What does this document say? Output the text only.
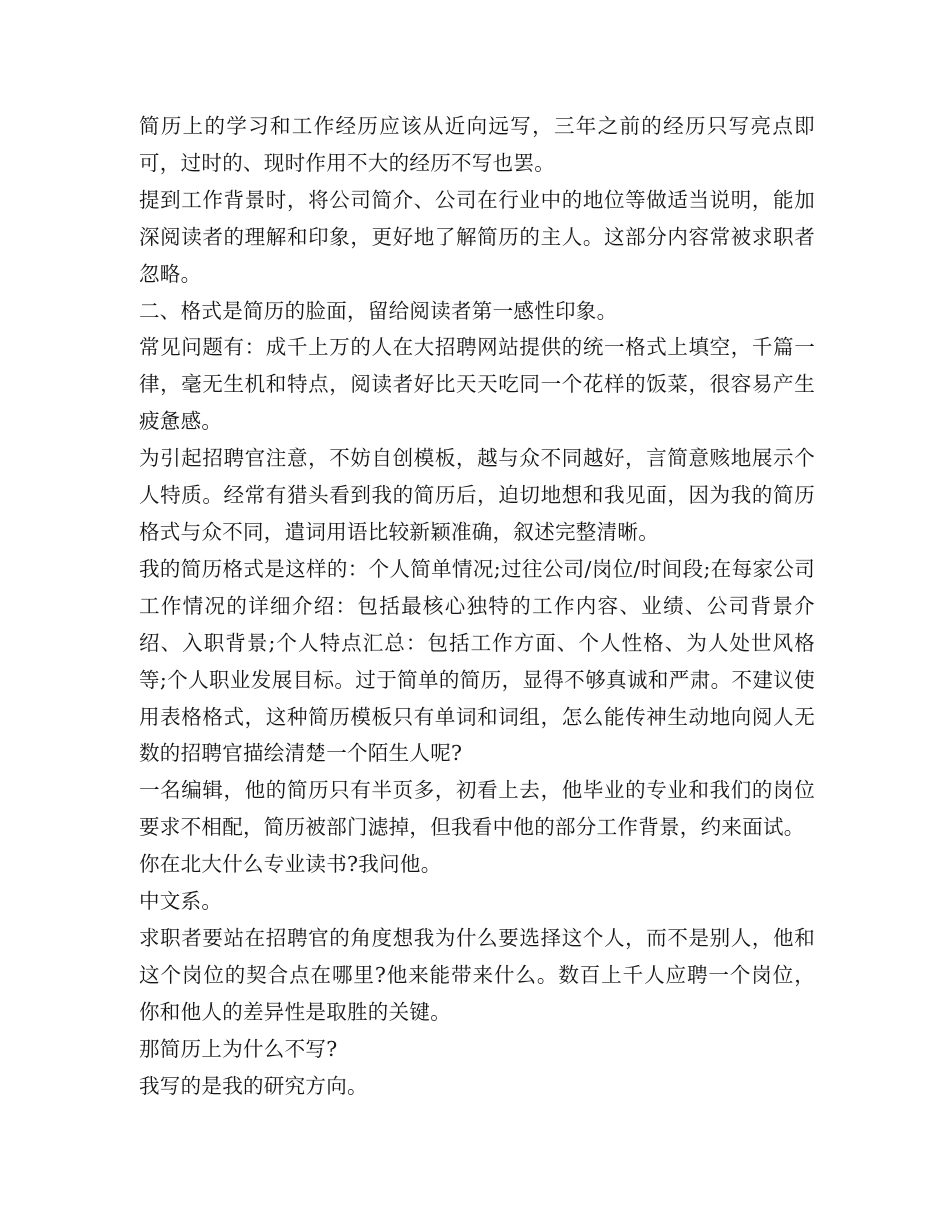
简历上的学习和工作经历应该从近向远写，三年之前的经历只写亮点即可，过时的、现时作用不大的经历不写也罢。

提到工作背景时，将公司简介、公司在行业中的地位等做适当说明，能加深阅读者的理解和印象，更好地了解简历的主人。这部分内容常被求职者忽略。

二、格式是简历的脸面，留给阅读者第一感性印象。

常见问题有：成千上万的人在大招聘网站提供的统一格式上填空，千篇一律，毫无生机和特点，阅读者好比天天吃同一个花样的饭菜，很容易产生疲惫感。

为引起招聘官注意，不妨自创模板，越与众不同越好，言简意赅地展示个人特质。经常有猎头看到我的简历后，迫切地想和我见面，因为我的简历格式与众不同，遣词用语比较新颖准确，叙述完整清晰。

我的简历格式是这样的：个人简单情况;过往公司/岗位/时间段;在每家公司工作情况的详细介绍：包括最核心独特的工作内容、业绩、公司背景介绍、入职背景;个人特点汇总：包括工作方面、个人性格、为人处世风格等;个人职业发展目标。过于简单的简历，显得不够真诚和严肃。不建议使用表格格式，这种简历模板只有单词和词组，怎么能传神生动地向阅人无数的招聘官描绘清楚一个陌生人呢?

一名编辑，他的简历只有半页多，初看上去，他毕业的专业和我们的岗位要求不相配，简历被部门滤掉，但我看中他的部分工作背景，约来面试。

你在北大什么专业读书?我问他。

中文系。

求职者要站在招聘官的角度想我为什么要选择这个人，而不是别人，他和这个岗位的契合点在哪里?他来能带来什么。数百上千人应聘一个岗位，你和他人的差异性是取胜的关键。

那简历上为什么不写?

我写的是我的研究方向。
